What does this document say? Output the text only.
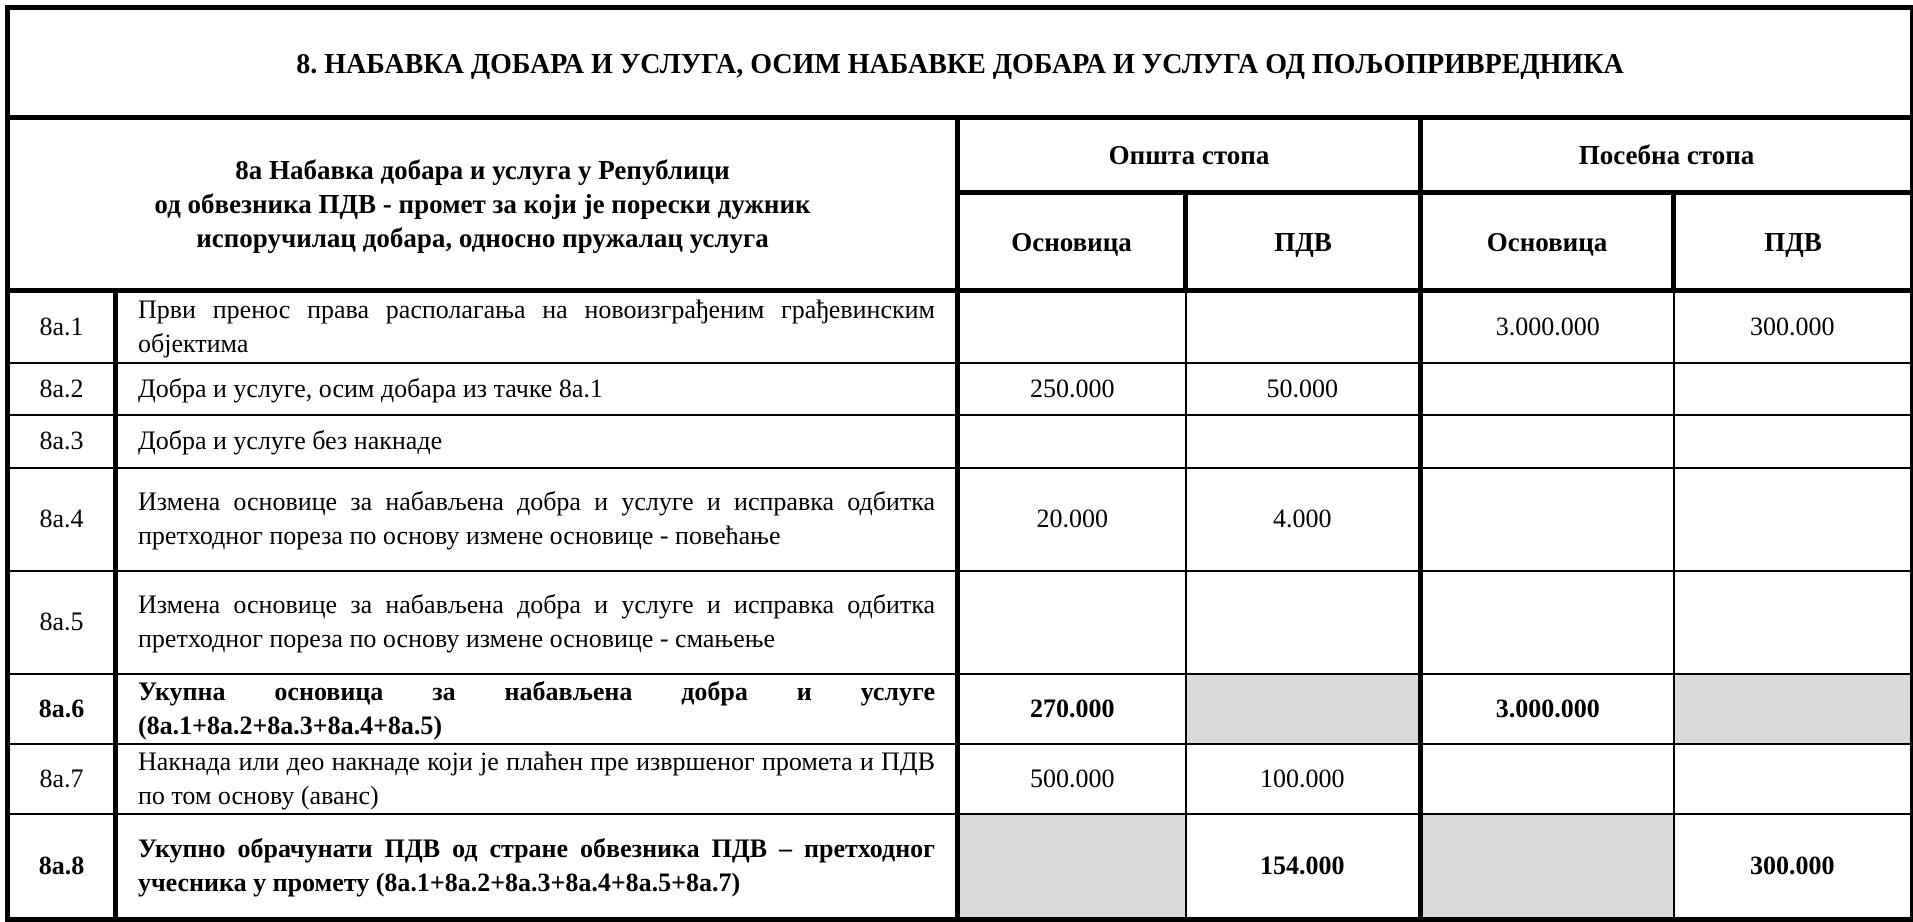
8. НАБАВКА ДОБАРА И УСЛУГА, ОСИМ НАБАВКЕ ДОБАРА И УСЛУГА ОД ПОЉОПРИВРЕДНИКА					

8а Набавка добара и услуга у Републици
од обвезника ПДВ - промет за који је порески дужник
испоручилац добара, односно пружалац услуга		Општа стопа		Посебна стопа	
		Основица	ПДВ	Основица	ПДВ
8а.1	Први пренос права располагања на новоизграђеним грађевинским објектима			3.000.000	300.000
8а.2	Добра и услуге, осим добара из тачке 8а.1	250.000	50.000		
8а.3	Добра и услуге без накнаде				
8а.4	Измена основице за набављена добра и услуге и исправка одбитка претходног пореза по основу измене основице - повећање	20.000	4.000		
8а.5	Измена основице за набављена добра и услуге и исправка одбитка претходног пореза по основу измене основице - смањење				
8а.6	Укупна основица за набављена добра и услуге (8а.1+8а.2+8а.3+8а.4+8а.5)	270.000		3.000.000	
8а.7	Накнада или део накнаде који је плаћен пре извршеног промета и ПДВ по том основу (аванс)	500.000	100.000		
8а.8	Укупно обрачунати ПДВ од стране обвезника ПДВ – претходног учесника у промету (8а.1+8а.2+8а.3+8а.4+8а.5+8а.7)		154.000		300.000
